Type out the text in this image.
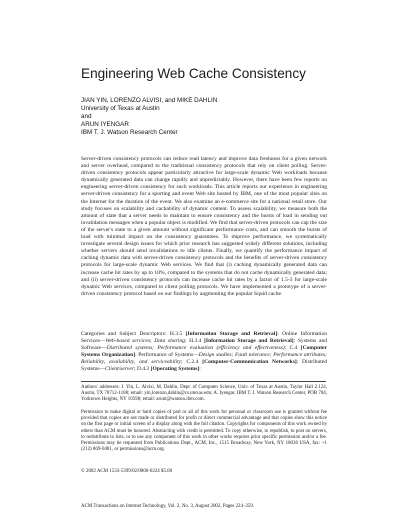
Engineering Web Cache Consistency
JIAN YIN, LORENZO ALVISI, and MIKE DAHLIN
University of Texas at Austin
and
ARUN IYENGAR
IBM T. J. Watson Research Center

Server-driven consistency protocols can reduce read latency and improve data freshness for a given network and server overhead, compared to the traditional consistency protocols that rely on client polling. Server-driven consistency protocols appear particularly attractive for large-scale dynamic Web workloads because dynamically generated data can change rapidly and unpredictably. However, there have been few reports on engineering server-driven consistency for such workloads. This article reports our experience in engineering server-driven consistency for a sporting and event Web site hosted by IBM, one of the most popular sites on the Internet for the duration of the event. We also examine an e-commerce site for a national retail store. Our study focuses on scalability and cachability of dynamic content. To assess scalability, we measure both the amount of state that a server needs to maintain to ensure consistency and the bursts of load in sending out invalidation messages when a popular object is modified. We find that server-driven protocols can cap the size of the server's state to a given amount without significant performance costs, and can smooth the bursts of load with minimal impact on the consistency guarantees. To improve performance, we systematically investigate several design issues for which prior research has suggested widely different solutions, including whether servers should send invalidations to idle clients. Finally, we quantify the performance impact of caching dynamic data with server-driven consistency protocols and the benefits of server-driven consistency protocols for large-scale dynamic Web services. We find that (i) caching dynamically generated data can increase cache hit rates by up to 10%, compared to the systems that do not cache dynamically generated data; and (ii) server-driven consistency protocols can increase cache hit rates by a factor of 1.5-3 for large-scale dynamic Web services, compared to client polling protocols. We have implemented a prototype of a server-driven consistency protocol based on our findings by augmenting the popular Squid cache.

Categories and Subject Descriptors: H.3.5 [Information Storage and Retrieval]: Online Information Services—Web-based services; Data sharing; H.3.4 [Information Storage and Retrieval]: Systems and Software—Distributed systems; Performance evaluation (efficiency and effectiveness); C.4 [Computer Systems Organization]: Performance of Systems—Design studies; Fault tolerance; Performance attributes; Reliability, availability, and serviceability; C.2.4 [Computer-Communication Networks]: Distributed Systems—Client/server; D.4.3 [Operating Systems]:

Authors' addresses: J. Yin, L. Alvisi, M. Dahlin, Dept. of Computer Science, Univ. of Texas at Austin, Taylor Hall 2.124, Austin, TX 78712-1188; email: yin,lorenzo,dahlin@cs.utexas.edu; A. Iyengar, IBM T. J. Watson Research Center, POB 704, Yorktown Heights, NY 10598; email: aruni@watson.ibm.com.

Permission to make digital or hard copies of part or all of this work for personal or classroom use is granted without fee provided that copies are not made or distributed for profit or direct commercial advantage and that copies show this notice on the first page or initial screen of a display along with the full citation. Copyrights for components of this work owned by others than ACM must be honored. Abstracting with credit is permitted. To copy otherwise, to republish, to post on servers, to redistribute to lists, or to use any component of this work in other works requires prior specific permission and/or a fee. Permissions may be requested from Publications Dept., ACM, Inc., 1515 Broadway, New York, NY 10036 USA, fax: +1 (212) 869-0481, or permissions@acm.org.

© 2002 ACM 1533-5399/02/0800-0224 $5.00
ACM Transactions on Internet Technology, Vol. 2, No. 3, August 2002, Pages 224–259.
